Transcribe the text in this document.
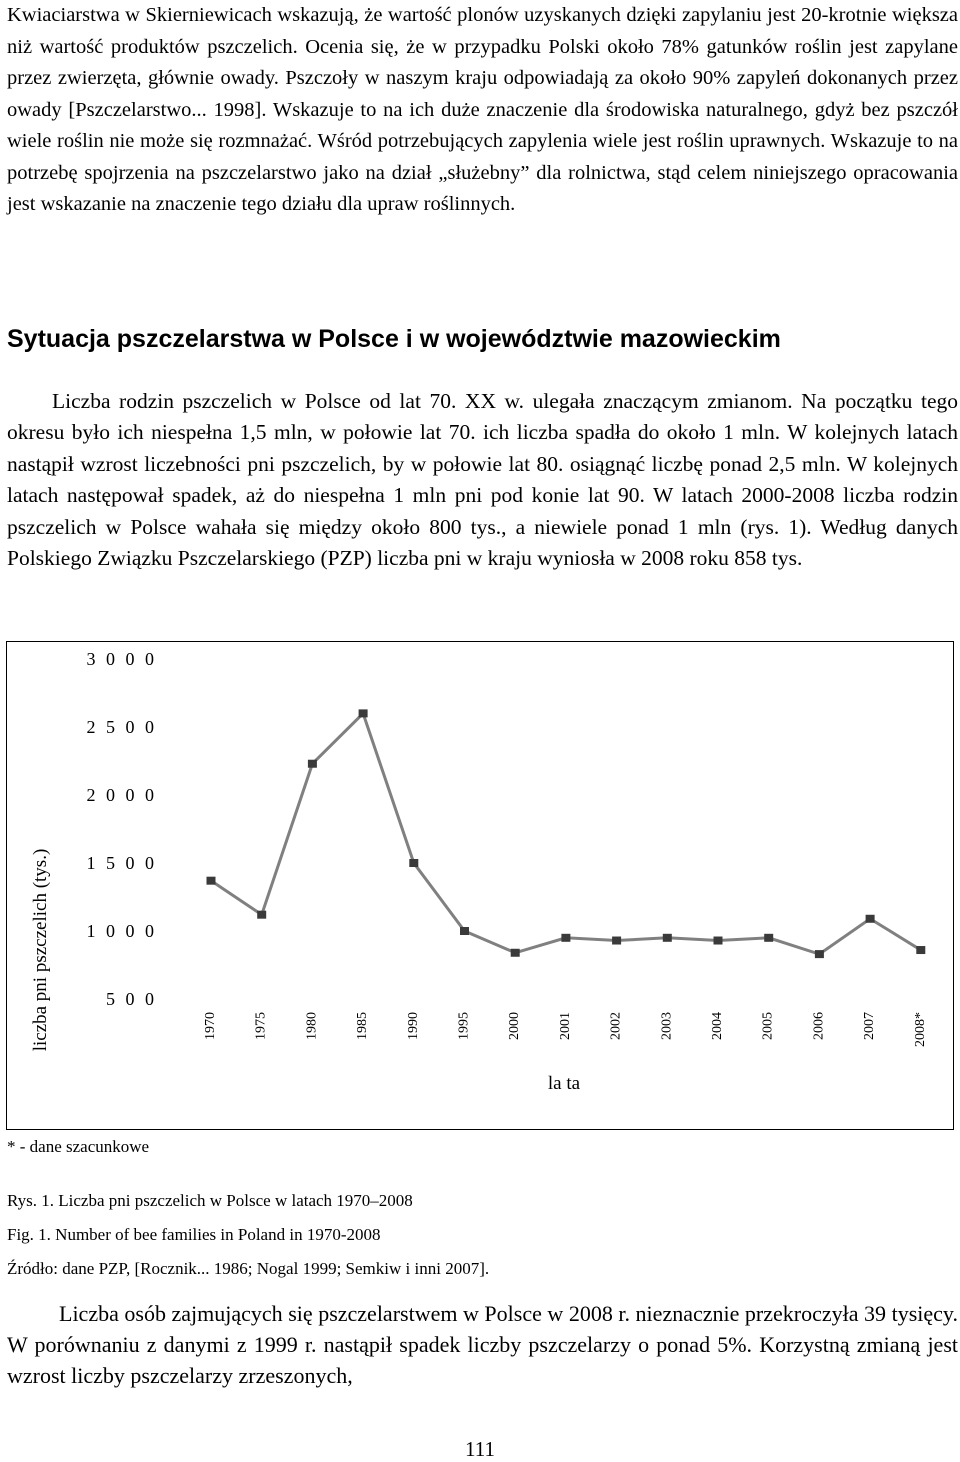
Kwiaciarstwa w Skierniewicach wskazują, że wartość plonów uzyskanych dzięki zapylaniu jest 20-krotnie większa niż wartość produktów pszczelich. Ocenia się, że w przypadku Polski około 78% gatunków roślin jest zapylane przez zwierzęta, głównie owady. Pszczoły w naszym kraju odpowiadają za około 90% zapyleń dokonanych przez owady [Pszczelarstwo... 1998]. Wskazuje to na ich duże znaczenie dla środowiska naturalnego, gdyż bez pszczół wiele roślin nie może się rozmnażać. Wśród potrzebujących zapylenia wiele jest roślin uprawnych. Wskazuje to na potrzebę spojrzenia na pszczelarstwo jako na dział „służebny” dla rolnictwa, stąd celem niniejszego opracowania jest wskazanie na znaczenie tego działu dla upraw roślinnych.

Sytuacja pszczelarstwa w Polsce i w województwie mazowieckim

Liczba rodzin pszczelich w Polsce od lat 70. XX w. ulegała znaczącym zmianom. Na początku tego okresu było ich niespełna 1,5 mln, w połowie lat 70. ich liczba spadła do około 1 mln. W kolejnych latach nastąpił wzrost liczebności pni pszczelich, by w połowie lat 80. osiągnąć liczbę ponad 2,5 mln. W kolejnych latach następował spadek, aż do niespełna 1 mln pni pod konie lat 90. W latach 2000-2008 liczba rodzin pszczelich w Polsce wahała się między około 800 tys., a niewiele ponad 1 mln (rys. 1). Według danych Polskiego Związku Pszczelarskiego (PZP) liczba pni w kraju wyniosła w 2008 roku 858 tys.

3 0 0 0
2 5 0 0
2 0 0 0
1 5 0 0
1 0 0 0
5 0 0
1970	1975	1980	1985	1990	1995	2000	2001	2002	2003	2004	2005	2006	2007	2008*
liczba pni pszczelich (tys.)
la ta

* - dane szacunkowe

Rys. 1. Liczba pni pszczelich w Polsce w latach 1970–2008

Fig. 1. Number of bee families in Poland in 1970-2008

Źródło: dane PZP, [Rocznik... 1986; Nogal 1999; Semkiw i inni 2007].

Liczba osób zajmujących się pszczelarstwem w Polsce w 2008 r. nieznacznie przekroczyła 39 tysięcy. W porównaniu z danymi z 1999 r. nastąpił spadek liczby pszczelarzy o ponad 5%. Korzystną zmianą jest wzrost liczby pszczelarzy zrzeszonych,

111
